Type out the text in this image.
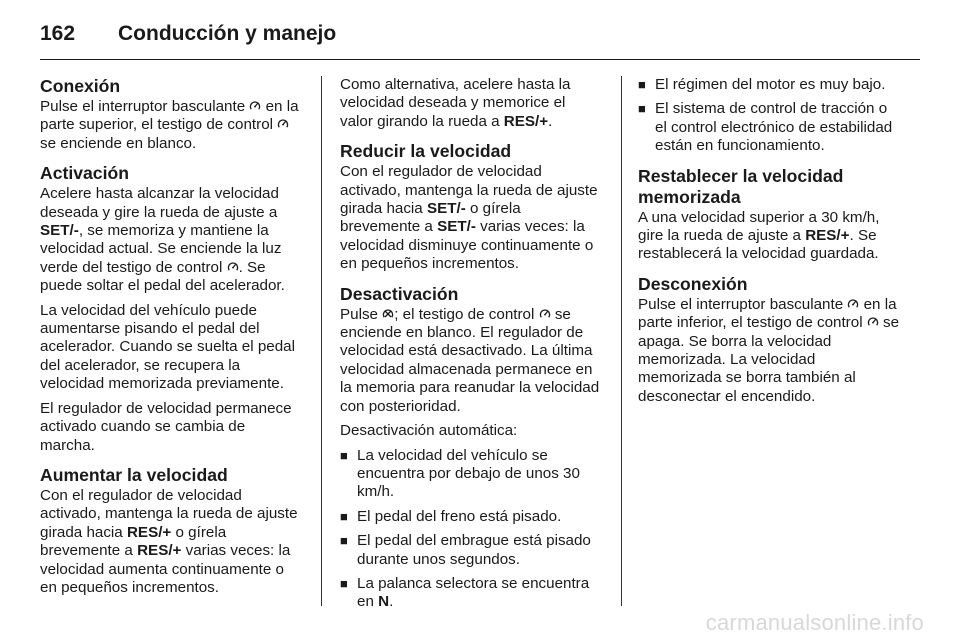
162	Conducción y manejo
Conexión

Pulse el interruptor basculante
en la parte superior, el testigo de control
se enciende en blanco.

Activación

Acelere hasta alcanzar la velocidad deseada y gire la rueda de ajuste a SET/-, se memoriza y mantiene la velocidad actual. Se enciende la luz verde del testigo de control
. Se puede soltar el pedal del acelerador.

La velocidad del vehículo puede aumentarse pisando el pedal del acelerador. Cuando se suelta el pedal del acelerador, se recupera la velocidad memorizada previamente.

El regulador de velocidad permanece activado cuando se cambia de marcha.

Aumentar la velocidad

Con el regulador de velocidad activado, mantenga la rueda de ajuste girada hacia RES/+ o gírela brevemente a RES/+ varias veces: la velocidad aumenta continuamente o en pequeños incrementos.

Como alternativa, acelere hasta la velocidad deseada y memorice el valor girando la rueda a RES/+.

Reducir la velocidad

Con el regulador de velocidad activado, mantenga la rueda de ajuste girada hacia SET/- o gírela brevemente a SET/- varias veces: la velocidad disminuye continuamente o en pequeños incrementos.

Desactivación

Pulse
; el testigo de control
se enciende en blanco. El regulador de velocidad está desactivado. La última velocidad almacenada permanece en la memoria para reanudar la velocidad con posterioridad.

Desactivación automática:

■ La velocidad del vehículo se encuentra por debajo de unos 30 km/h.
■ El pedal del freno está pisado.
■ El pedal del embrague está pisado durante unos segundos.
■ La palanca selectora se encuentra en N.
■ El régimen del motor es muy bajo.
■ El sistema de control de tracción o el control electrónico de estabilidad están en funcionamiento.
Restablecer la velocidad memorizada

A una velocidad superior a 30 km/h, gire la rueda de ajuste a RES/+. Se restablecerá la velocidad guardada.

Desconexión

Pulse el interruptor basculante
en la parte inferior, el testigo de control
se apaga. Se borra la velocidad memorizada. La velocidad memorizada se borra también al desconectar el encendido.

carmanualsonline.info
